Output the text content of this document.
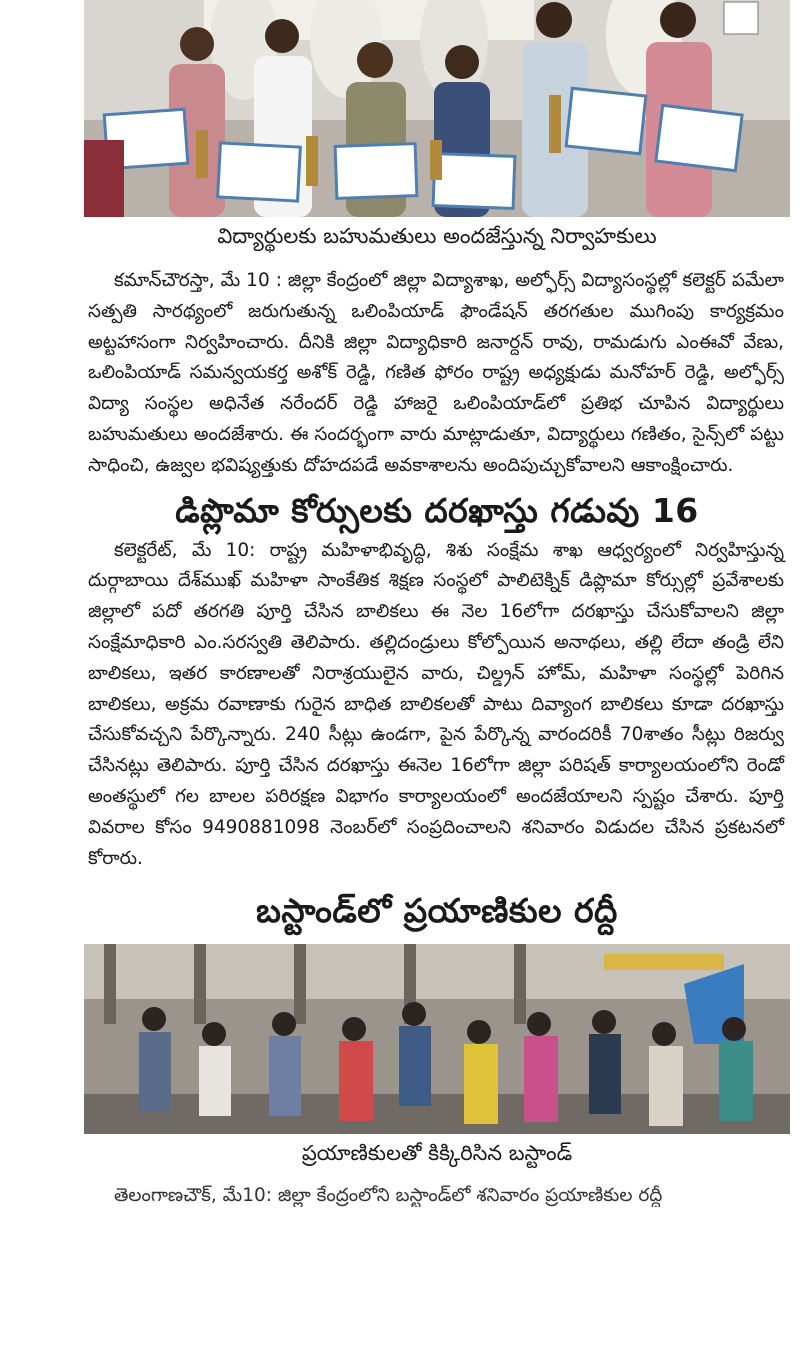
విద్యార్థులకు బహుమతులు అందజేస్తున్న నిర్వాహకులు

కమాన్‌చౌరస్తా, మే 10 : జిల్లా కేంద్రంలో జిల్లా విద్యాశాఖ, అల్ఫోర్స్ విద్యాసంస్థల్లో కలెక్టర్ పమేలా సత్పతి సారథ్యంలో జరుగుతున్న ఒలింపియాడ్ ఫౌండేషన్ తరగతుల ముగింపు కార్యక్రమం అట్టహాసంగా నిర్వహించారు. దీనికి జిల్లా విద్యాధికారి జనార్దన్ రావు, రామడుగు ఎంఈవో వేణు, ఒలింపియాడ్ సమన్వయకర్త అశోక్ రెడ్డి, గణిత ఫోరం రాష్ట్ర అధ్యక్షుడు మనోహర్ రెడ్డి, అల్ఫోర్స్ విద్యా సంస్థల అధినేత నరేందర్ రెడ్డి హాజరై ఒలింపియాడ్‌లో ప్రతిభ చూపిన విద్యార్థులు బహుమతులు అందజేశారు. ఈ సందర్భంగా వారు మాట్లాడుతూ, విద్యార్థులు గణితం, సైన్స్‌లో పట్టు సాధించి, ఉజ్వల భవిష్యత్తుకు దోహదపడే అవకాశాలను అందిపుచ్చుకోవాలని ఆకాంక్షించారు.

డిప్లొమా కోర్సులకు దరఖాస్తు గడువు 16

కలెక్టరేట్, మే 10: రాష్ట్ర మహిళాభివృద్ధి, శిశు సంక్షేమ శాఖ ఆధ్వర్యంలో నిర్వహిస్తున్న దుర్గాబాయి దేశ్‌ముఖ్ మహిళా సాంకేతిక శిక్షణ సంస్థలో పాలిటెక్నిక్ డిప్లొమా కోర్సుల్లో ప్రవేశాలకు జిల్లాలో పదో తరగతి పూర్తి చేసిన బాలికలు ఈ నెల 16లోగా దరఖాస్తు చేసుకోవాలని జిల్లా సంక్షేమాధికారి ఎం.సరస్వతి తెలిపారు. తల్లిదండ్రులు కోల్పోయిన అనాథలు, తల్లి లేదా తండ్రి లేని బాలికలు, ఇతర కారణాలతో నిరాశ్రయులైన వారు, చిల్డ్రన్ హోమ్, మహిళా సంస్థల్లో పెరిగిన బాలికలు, అక్రమ రవాణాకు గురైన బాధిత బాలికలతో పాటు దివ్యాంగ బాలికలు కూడా దరఖాస్తు చేసుకోవచ్చని పేర్కొన్నారు. 240 సీట్లు ఉండగా, పైన పేర్కొన్న వారందరికీ 70శాతం సీట్లు రిజర్వు చేసినట్లు తెలిపారు. పూర్తి చేసిన దరఖాస్తు ఈనెల 16లోగా జిల్లా పరిషత్ కార్యాలయంలోని రెండో అంతస్థులో గల బాలల పరిరక్షణ విభాగం కార్యాలయంలో అందజేయాలని స్పష్టం చేశారు. పూర్తి వివరాల కోసం 9490881098 నెంబర్‌లో సంప్రదించాలని శనివారం విడుదల చేసిన ప్రకటనలో కోరారు.

బస్టాండ్‌లో ప్రయాణికుల రద్దీ
ప్రయాణికులతో కిక్కిరిసిన బస్టాండ్

తెలంగాణచౌక్, మే10: జిల్లా కేంద్రంలోని బస్టాండ్‌లో శనివారం ప్రయాణికుల రద్దీ
